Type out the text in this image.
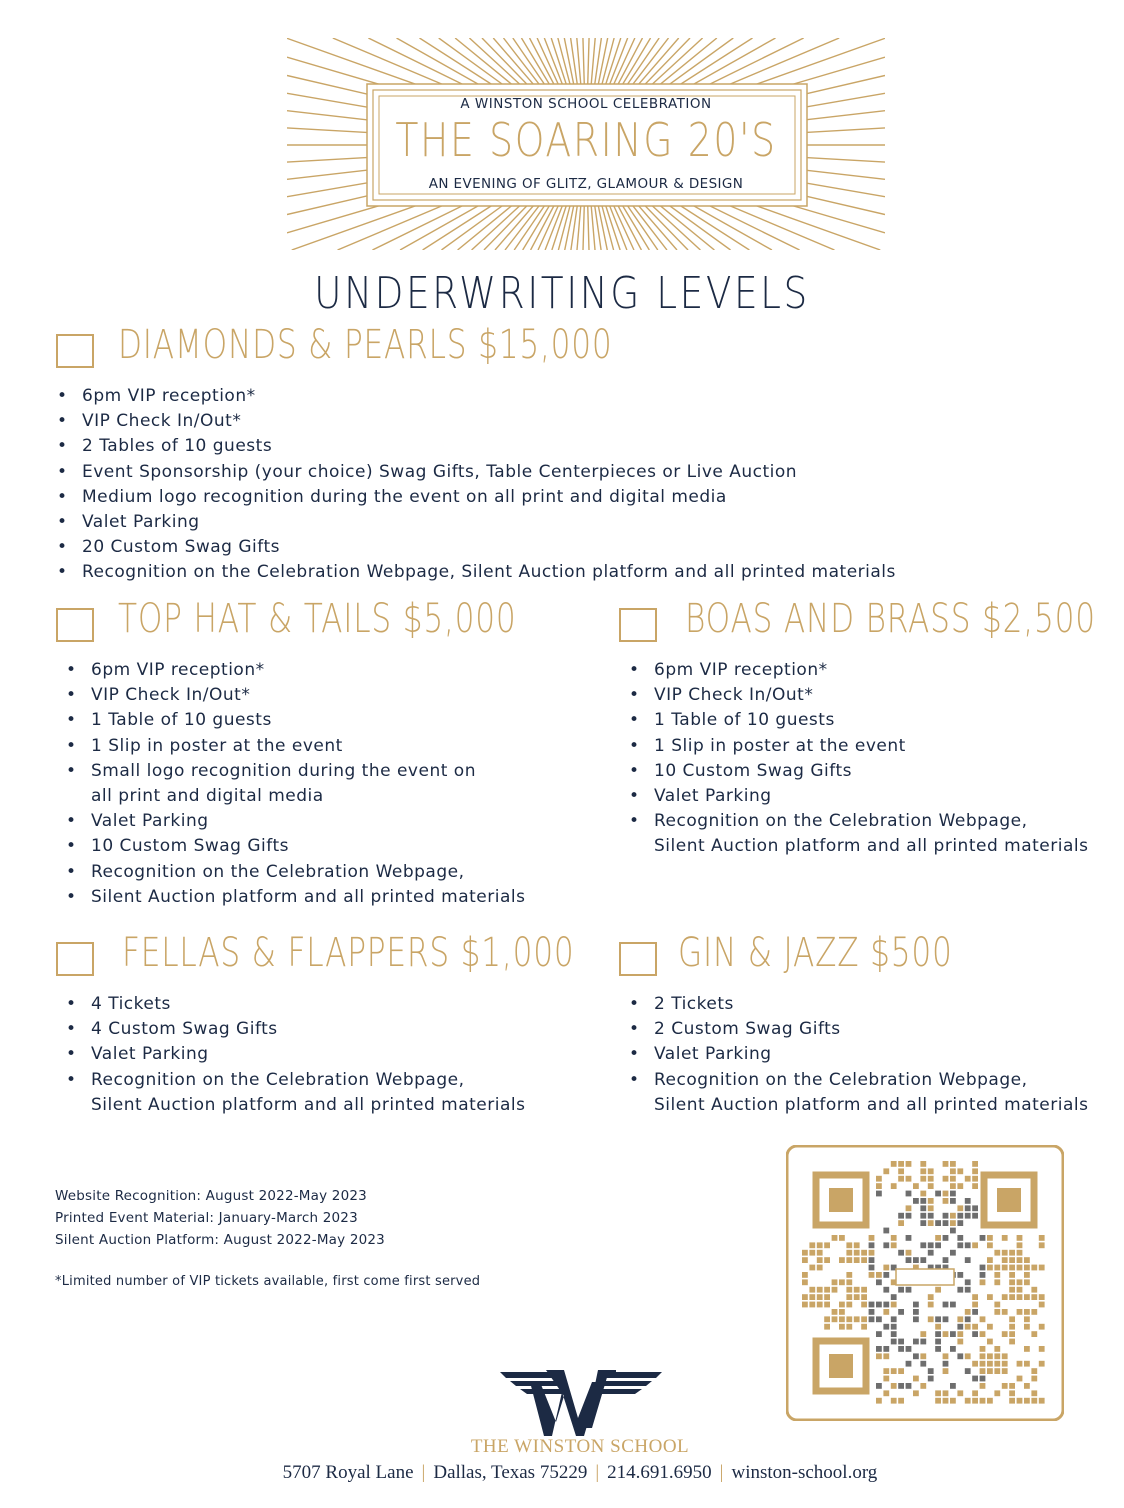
A WINSTON SCHOOL CELEBRATION
THE SOARING 20'S
AN EVENING OF GLITZ, GLAMOUR & DESIGN
UNDERWRITING LEVELS
DIAMONDS & PEARLS $15,000
• 6pm VIP reception*
• VIP Check In/Out*
• 2 Tables of 10 guests
• Event Sponsorship (your choice) Swag Gifts, Table Centerpieces or Live Auction
• Medium logo recognition during the event on all print and digital media
• Valet Parking
• 20 Custom Swag Gifts
• Recognition on the Celebration Webpage, Silent Auction platform and all printed materials
TOP HAT & TAILS $5,000
• 6pm VIP reception*
• VIP Check In/Out*
• 1 Table of 10 guests
• 1 Slip in poster at the event
• Small logo recognition during the event on
all print and digital media
• Valet Parking
• 10 Custom Swag Gifts
• Recognition on the Celebration Webpage,
• Silent Auction platform and all printed materials
BOAS AND BRASS $2,500
• 6pm VIP reception*
• VIP Check In/Out*
• 1 Table of 10 guests
• 1 Slip in poster at the event
• 10 Custom Swag Gifts
• Valet Parking
• Recognition on the Celebration Webpage,
Silent Auction platform and all printed materials
FELLAS & FLAPPERS $1,000
• 4 Tickets
• 4 Custom Swag Gifts
• Valet Parking
• Recognition on the Celebration Webpage,
Silent Auction platform and all printed materials
GIN & JAZZ $500
• 2 Tickets
• 2 Custom Swag Gifts
• Valet Parking
• Recognition on the Celebration Webpage,
Silent Auction platform and all printed materials
Website Recognition: August 2022-May 2023
Printed Event Material: January-March 2023
Silent Auction Platform: August 2022-May 2023
*Limited number of VIP tickets available, first come first served
THE WINSTON SCHOOL
5707 Royal Lane | Dallas, Texas 75229 | 214.691.6950 | winston-school.org
